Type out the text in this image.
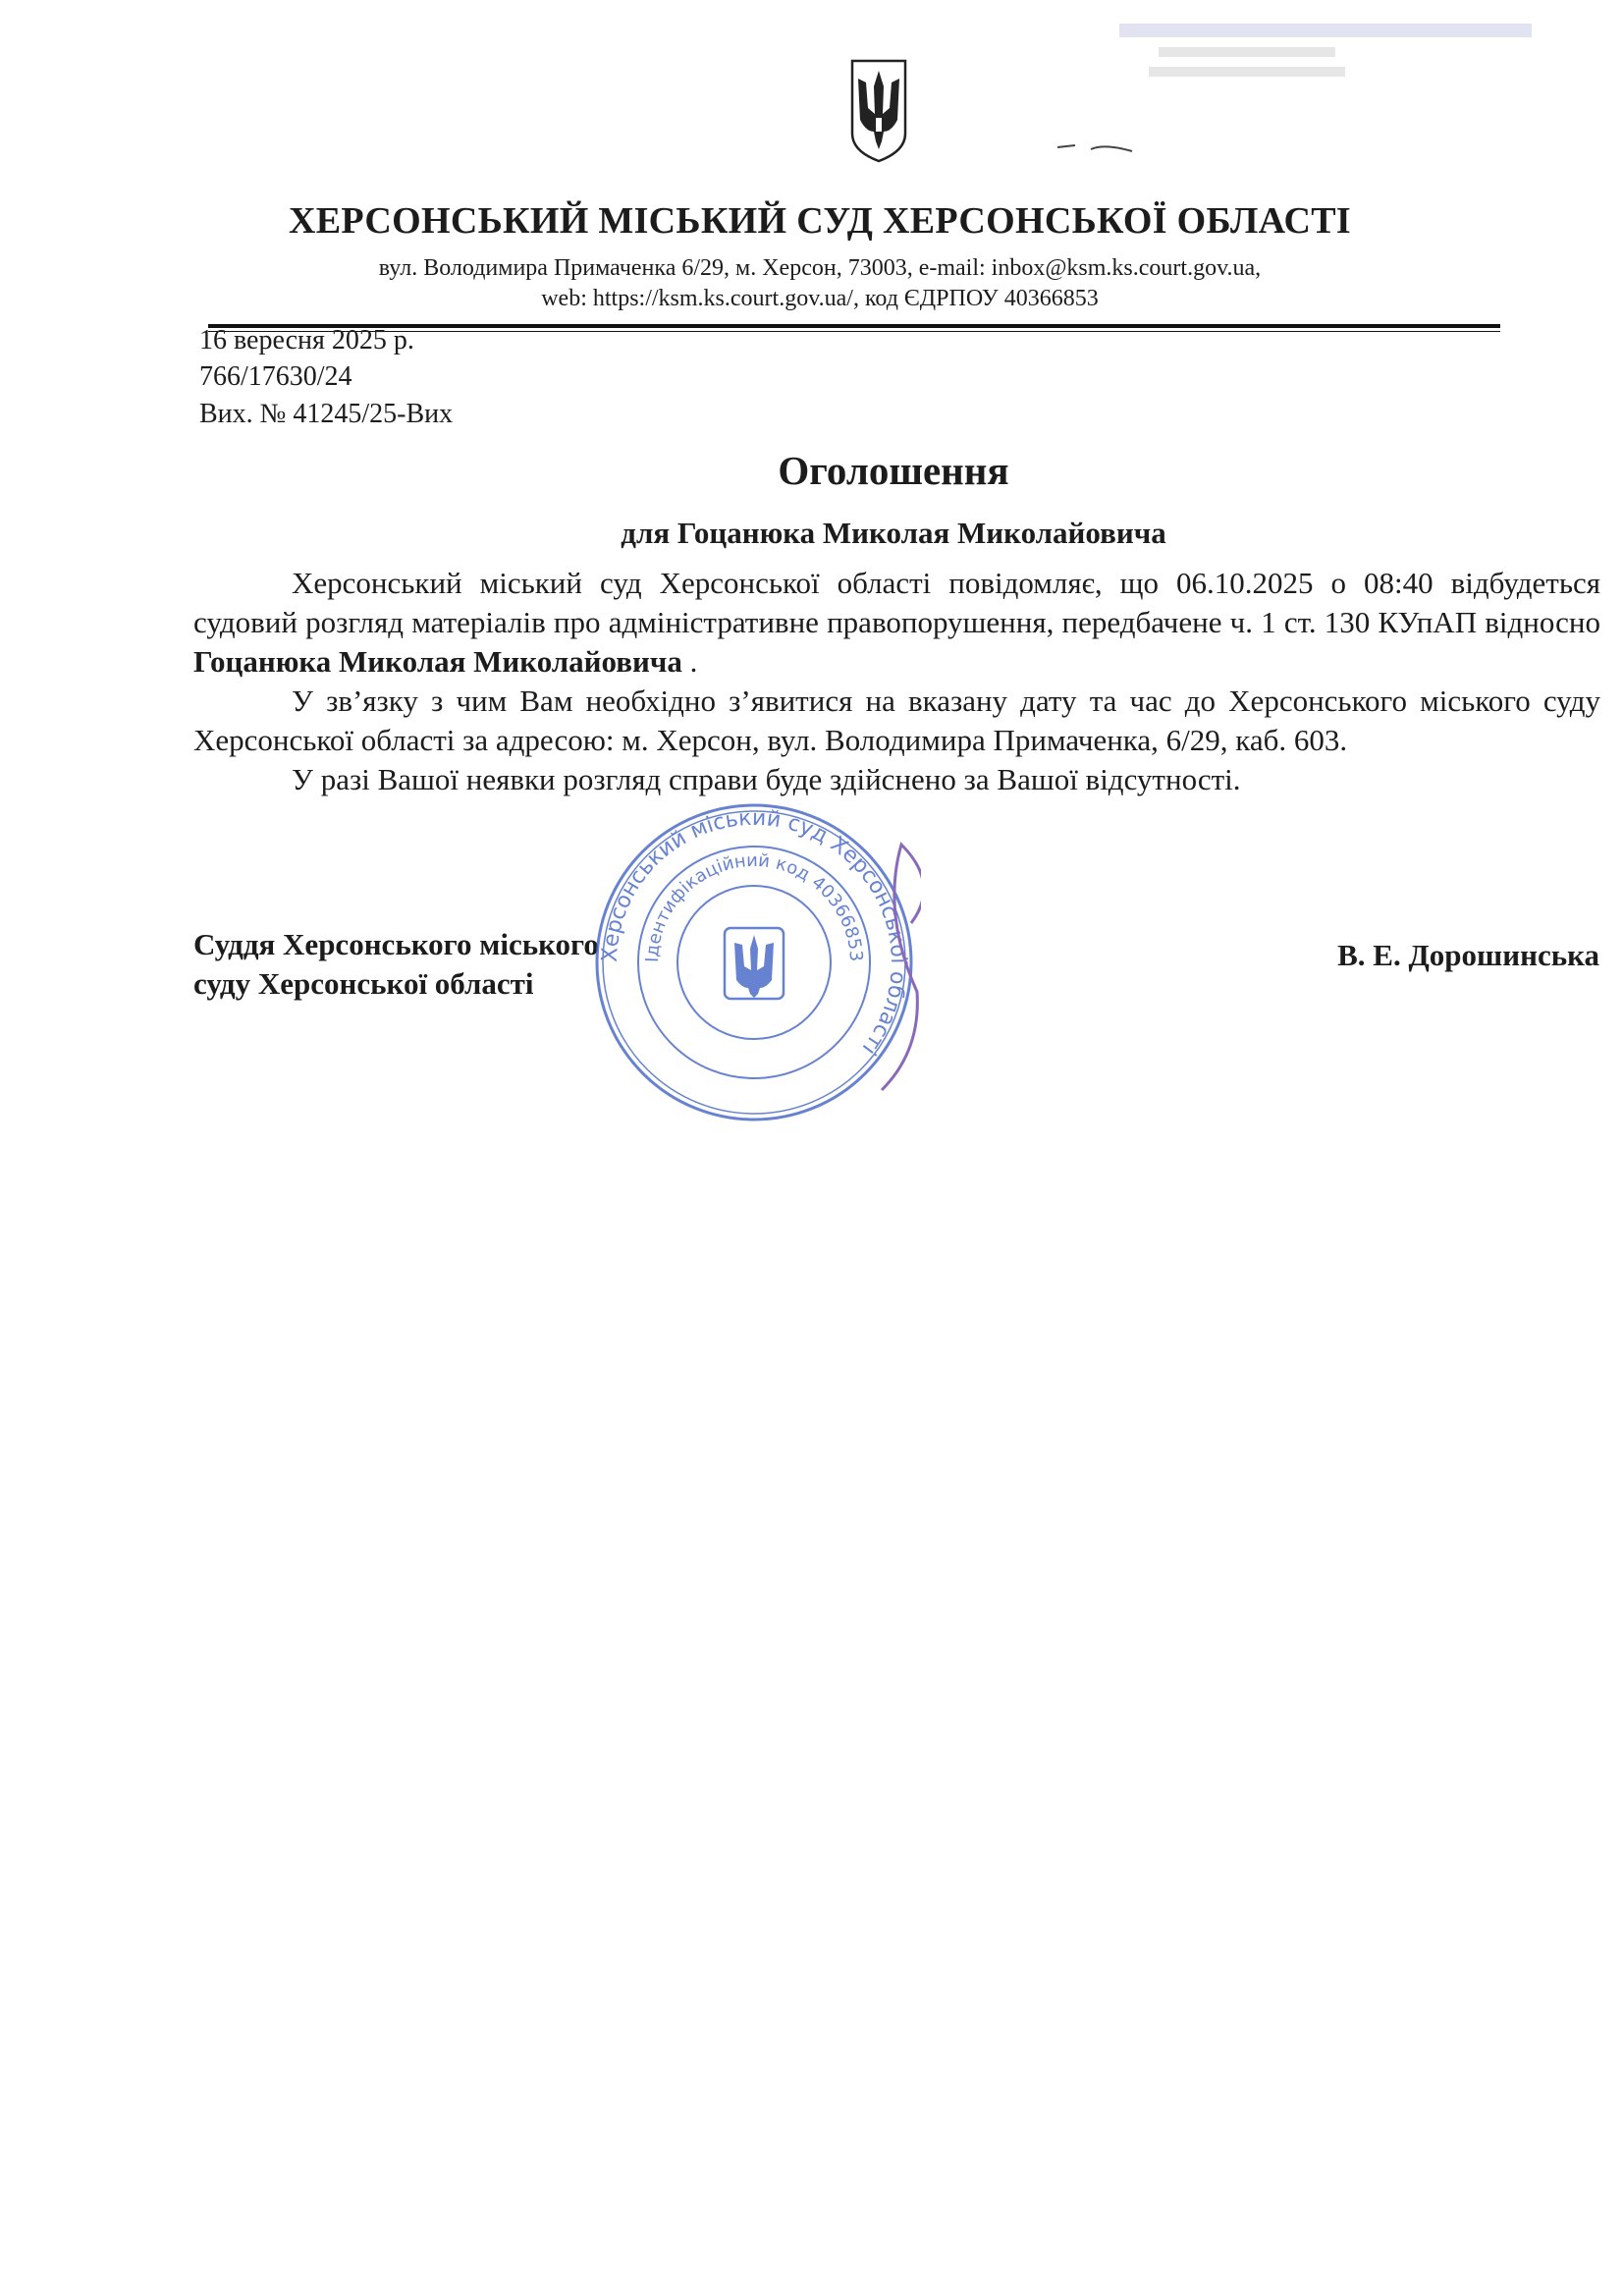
ХЕРСОНСЬКИЙ МІСЬКИЙ СУД ХЕРСОНСЬКОЇ ОБЛАСТІ
вул. Володимира Примаченка 6/29, м. Херсон, 73003, e-mail: inbox@ksm.ks.court.gov.ua,
web: https://ksm.ks.court.gov.ua/, код ЄДРПОУ 40366853
16 вересня 2025 р.
766/17630/24
Вих. № 41245/25-Вих
Оголошення
для Гоцанюка Миколая Миколайовича

Херсонський міський суд Херсонської області повідомляє, що 06.10.2025 о 08:40 відбудеться судовий розгляд матеріалів про адміністративне правопорушення, передбачене ч. 1 ст. 130 КУпАП відносно Гоцанюка Миколая Миколайовича .

У зв’язку з чим Вам необхідно з’явитися на вказану дату та час до Херсонського міського суду Херсонської області за адресою: м. Херсон, вул. Володимира Примаченка, 6/29, каб. 603.

У разі Вашої неявки розгляд справи буде здійснено за Вашої відсутності.

Суддя Херсонського міського
суду Херсонської області
В. Е. Дорошинська
Херсонський міський суд Херсонської області
Ідентифікаційний код 40366853
